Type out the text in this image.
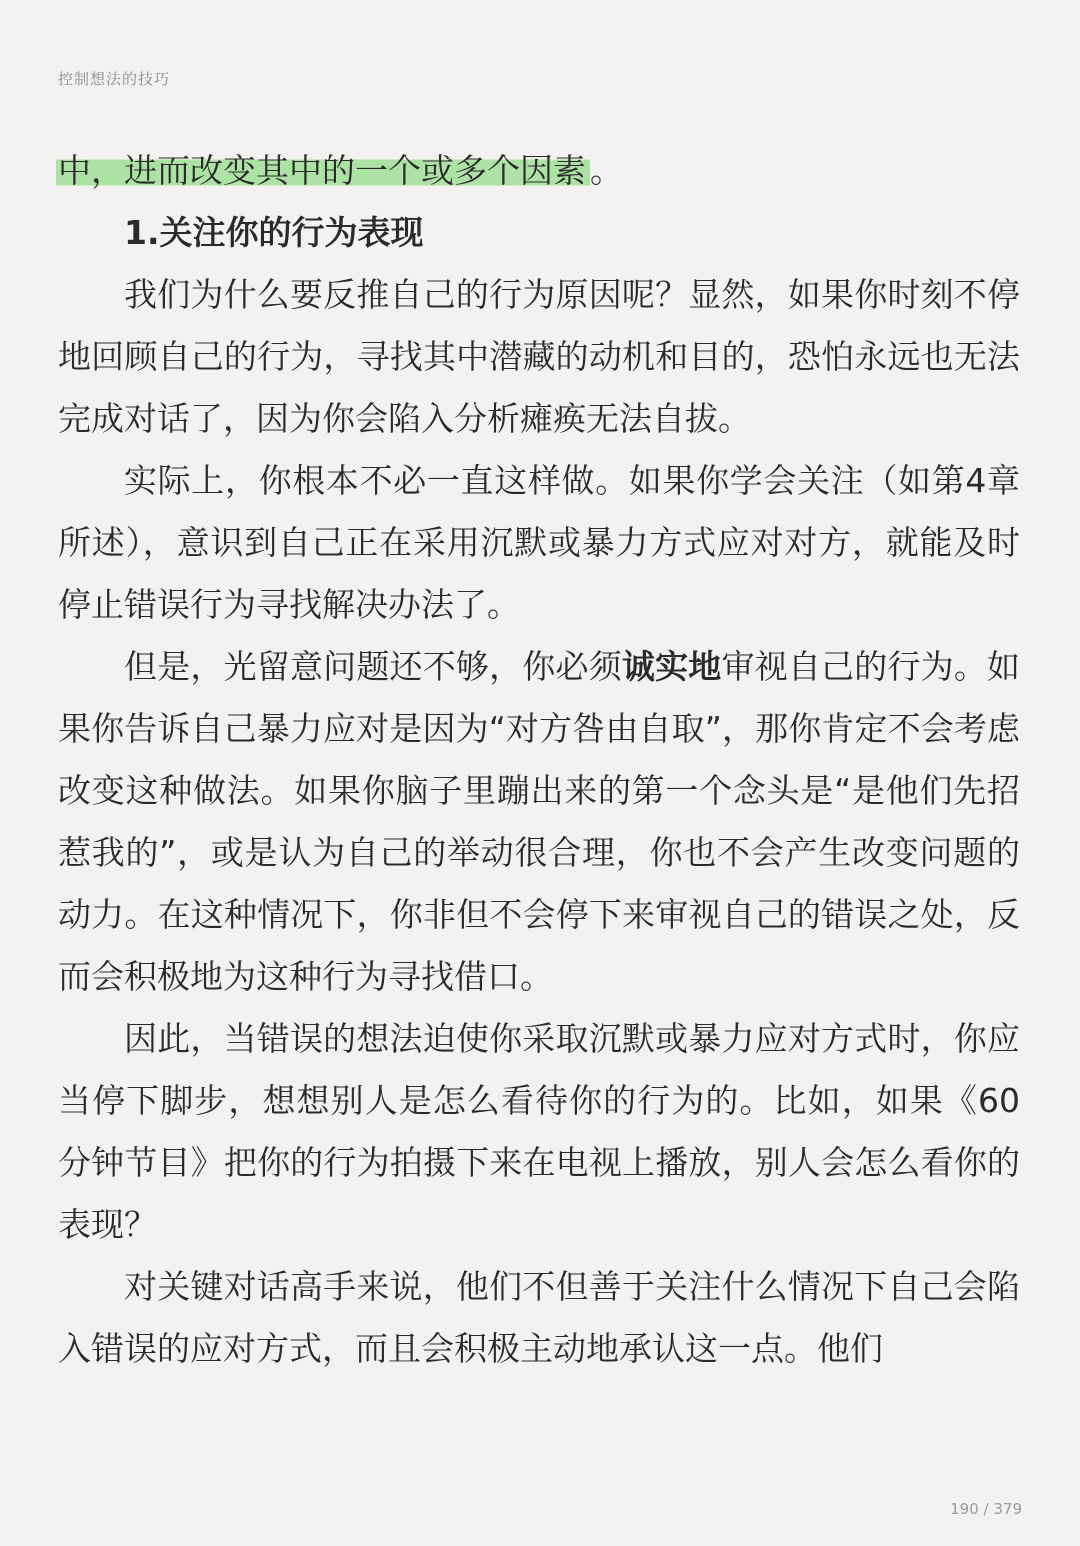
控制想法的技巧

中，进而改变其中的一个或多个因素 。

1.关注你的行为表现

我们为什么要反推自己的行为原因呢？显然，如果你时刻不停地回顾自己的行为，寻找其中潜藏的动机和目的，恐怕永远也无法完成对话了，因为你会陷入分析瘫痪无法自拔。

实际上，你根本不必一直这样做。如果你学会关注（如第4章所述），意识到自己正在采用沉默或暴力方式应对对方，就能及时停止错误行为寻找解决办法了。

但是，光留意问题还不够，你必须诚实地审视自己的行为。如果你告诉自己暴力应对是因为“对方咎由自取”，那你肯定不会考虑改变这种做法。如果你脑子里蹦出来的第一个念头是“是他们先招惹我的”，或是认为自己的举动很合理，你也不会产生改变问题的动力。在这种情况下，你非但不会停下来审视自己的错误之处，反而会积极地为这种行为寻找借口。

因此，当错误的想法迫使你采取沉默或暴力应对方式时，你应当停下脚步，想想别人是怎么看待你的行为的。比如，如果《60分钟节目》把你的行为拍摄下来在电视上播放，别人会怎么看你的表现？

对关键对话高手来说，他们不但善于关注什么情况下自己会陷入错误的应对方式，而且会积极主动地承认这一点。他们

190 / 379
